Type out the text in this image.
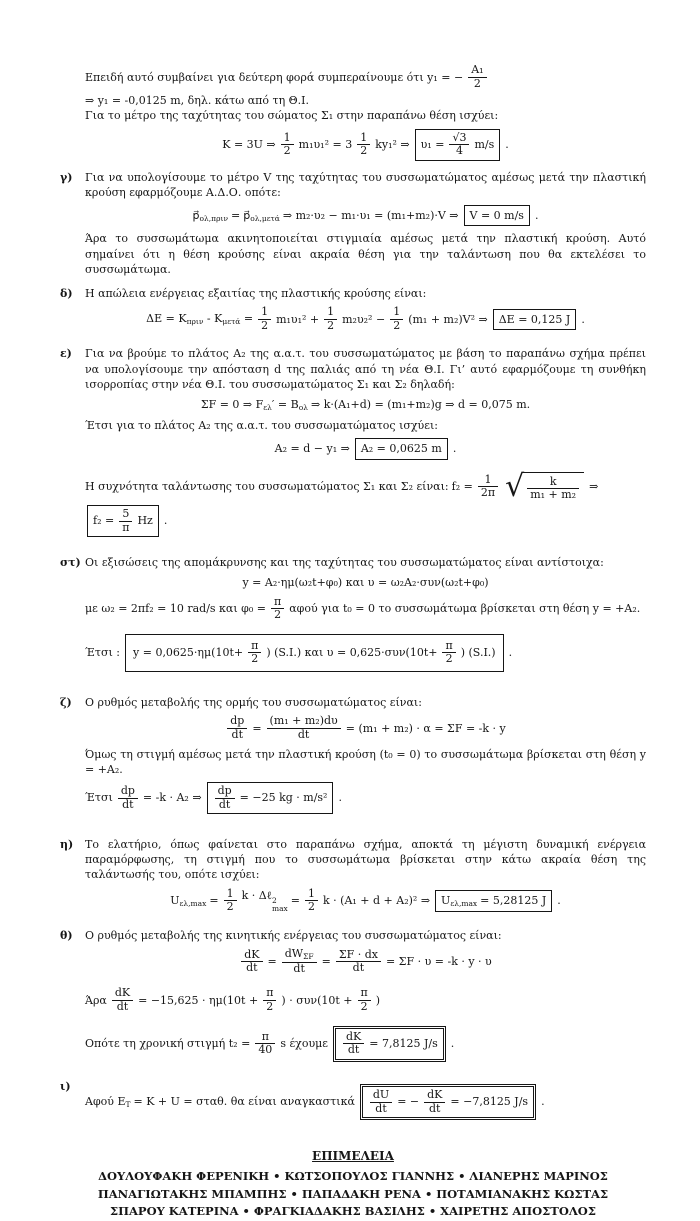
Επειδή αυτό συμβαίνει για δεύτερη φορά συμπεραίνουμε ότι y₁ = − $\frac{\text{A₁}}{2}$
⇒ y₁ = -0,0125 m, δηλ. κάτω από τη Θ.Ι.
Για το μέτρο της ταχύτητας του σώματος Σ₁ στην παραπάνω θέση ισχύει:
K = 3U ⇒ $\frac{1}{2} m_1\upsilon_1^2 = 3 \frac{1}{2} ky_1^2$ ⇒ $\upsilon_1 = \frac{√3}{4} m/s$ .
γ)	Για να υπολογίσουμε το μέτρο V της ταχύτητας του συσσωματώματος αμέσως μετά την πλαστική κρούση εφαρμόζουμε Α.Δ.Ο. οπότε:
$p⃗_{o\lambda,\pi\rho\iota\nu}$ = $p⃗_{o\lambda,\mu\varepsilon\tau ά}$ ⇒ m₂·υ₂ − m₁·υ₁ = (m₁+m₂)·V ⇒ V = 0 m/s .
Άρα το συσσωμάτωμα ακινητοποιείται στιγμιαία αμέσως μετά την πλαστική κρούση. Αυτό σημαίνει ότι η θέση κρούσης είναι ακραία θέση για την ταλάντωση που θα εκτελέσει το συσσωμάτωμα.
δ)	Η απώλεια ενέργειας εξαιτίας της πλαστικής κρούσης είναι:
$\Delta E = K_{\pi\rho\iota\nu} - K_{\mu\varepsilon\tau ά} = \frac{1}{2} m_1\upsilon_1^2 + \frac{1}{2} m_2\upsilon_2^2 - \frac{1}{2} (m_1 + m_2)V^2$ ⇒ ΔΕ = 0,125 J .
ε)	Για να βρούμε το πλάτος A₂ της α.α.τ. του συσσωματώματος με βάση το παραπάνω σχήμα πρέπει να υπολογίσουμε την απόσταση d της παλιάς από τη νέα Θ.Ι. Γι’ αυτό εφαρμόζουμε τη συνθήκη ισορροπίας στην νέα Θ.Ι. του συσσωματώματος Σ₁ και Σ₂ δηλαδή:
ΣF = 0 ⇒ $F_{\varepsilon\lambda}' = B_{o\lambda}$ ⇒ k·(A₁+d) = (m₁+m₂)g ⇒ d = 0,075 m.
Έτσι για το πλάτος A₂ της α.α.τ. του συσσωματώματος ισχύει:
A₂ = d − y₁ ⇒ A₂ = 0,0625 m .
Η συχνότητα ταλάντωσης του συσσωματώματος Σ₁ και Σ₂ είναι: $f_2 = \frac{1}{2\pi}$ √ $\frac{k}{\text{m₁ + m₂}}$ ⇒
$f_2 = \frac{5}{\pi}$ Hz .
στ) Οι εξισώσεις της απομάκρυνσης και της ταχύτητας του συσσωματώματος είναι αντίστοιχα:
y = A₂·ημ(ω₂t+φ₀) και υ = ω₂A₂·συν(ω₂t+φ₀)
με ω₂ = 2πf₂ = 10 rad/s και $\varphi_0 = \frac{\pi}{2}$ αφού για t₀ = 0 το συσσωμάτωμα βρίσκεται στη θέση y = +A₂.
Έτσι : $y = 0,0625\cdot\eta\mu(10t+ \frac{\pi}{2}$ ) (S.I.) και $\upsilon = 0,625\cdot\sigma\upsilon\nu(10t+ \frac{\pi}{2}$ ) (S.I.) .
ζ)	Ο ρυθμός μεταβολής της ορμής του συσσωματώματος είναι:
$\frac{dp}{dt} = \frac{\text{(m₁ + m₂)dυ}}{dt} = (m_1 + m_2) \cdot \alpha = \Sigma F = -k \cdot y$
Όμως τη στιγμή αμέσως μετά την πλαστική κρούση (t₀ = 0) το συσσωμάτωμα βρίσκεται στη θέση y = +A₂.
Έτσι $\frac{dp}{dt} = -k \cdot A_2$ ⇒ $\frac{dp}{dt} = -25$ kg · m/s² .
η)	Το ελατήριο, όπως φαίνεται στο παραπάνω σχήμα, αποκτά τη μέγιστη δυναμική ενέργεια παραμόρφωσης, τη στιγμή που το συσσωμάτωμα βρίσκεται στην κάτω ακραία θέση της ταλάντωσής του, οπότε ισχύει:
$U_{\varepsilon\lambda,max} = \frac{1}{2}$ k · Δℓ 2
max
= $\frac{1}{2}$ k · (A₁ + d + A₂)² ⇒ $U_{\varepsilon\lambda,max} = 5,28125$ J .
θ)	Ο ρυθμός μεταβολής της κινητικής ενέργειας του συσσωματώματος είναι:
$\frac{dK}{dt}$ =
$dW_{\Sigma F}$
dt
= $\frac{\Sigma F \cdot dx}{dt} = \Sigma F \cdot \upsilon = -k \cdot y \cdot \upsilon$
Άρα $\frac{dK}{dt} = -15,625 \cdot \eta\mu(10t + \frac{\pi}{2}$ ) · $\sigma\upsilon\nu(10t + \frac{\pi}{2}$ )
Οπότε τη χρονική στιγμή $t_2 = \frac{\pi}{40}$ s έχουμε $\frac{dK}{dt} = 7,8125$ J/s .
ι)
Αφού $E_T = K + U = \sigma\tau\alpha\theta$. θα είναι αναγκαστικά $\frac{dU}{dt}$ = − $\frac{dK}{dt} = -7,8125$ J/s .
ΕΠΙΜΕΛΕΙΑ
ΔΟΥΛΟΥΦΑΚΗ ΦΕΡΕΝΙΚΗ • ΚΩΤΣΟΠΟΥΛΟΣ ΓΙΑΝΝΗΣ • ΛΙΑΝΕΡΗΣ ΜΑΡΙΝΟΣ
ΠΑΝΑΓΙΩΤΑΚΗΣ ΜΠΑΜΠΗΣ • ΠΑΠΑΔΑΚΗ ΡΕΝΑ • ΠΟΤΑΜΙΑΝΑΚΗΣ ΚΩΣΤΑΣ
ΣΠΑΡΟΥ ΚΑΤΕΡΙΝΑ • ΦΡΑΓΚΙΑΔΑΚΗΣ ΒΑΣΙΛΗΣ • ΧΑΙΡΕΤΗΣ ΑΠΟΣΤΟΛΟΣ
